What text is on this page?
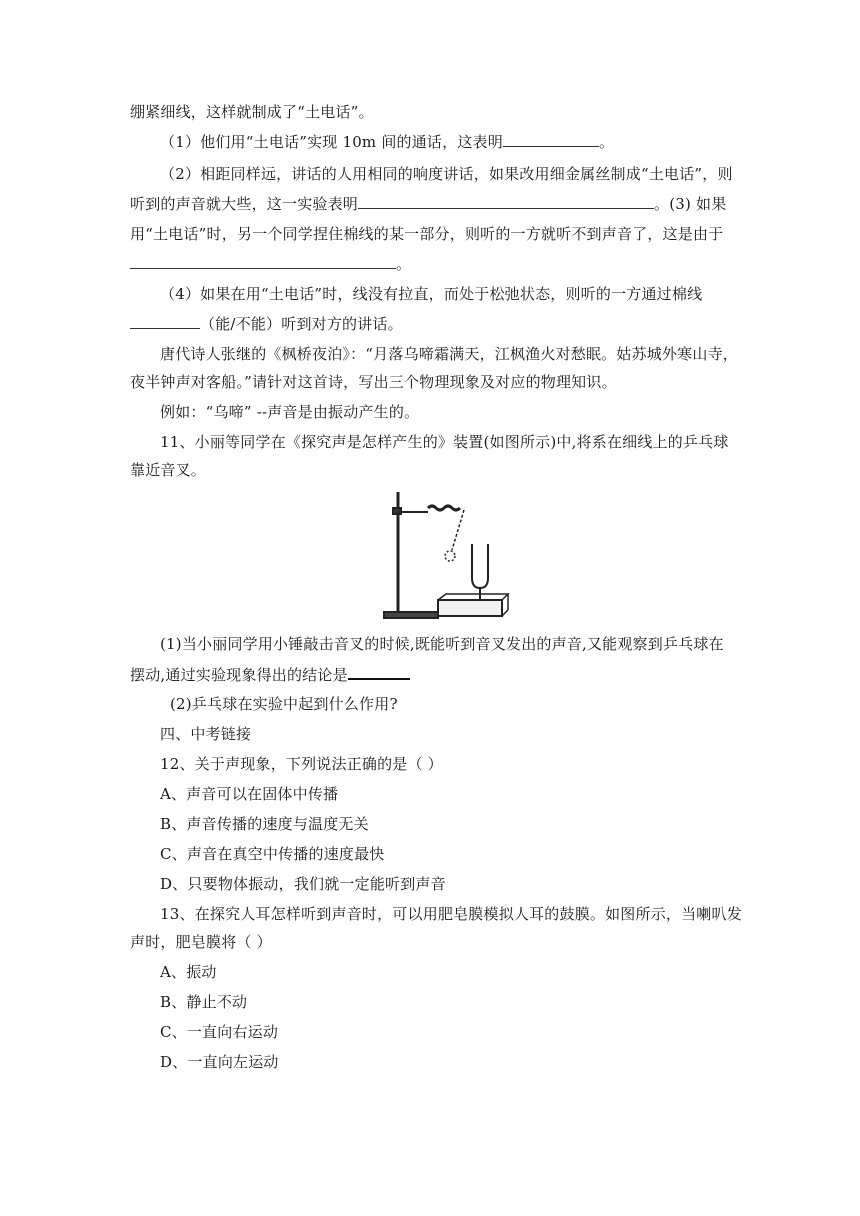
绷紧细线，这样就制成了“土电话”。
（1）他们用“土电话”实现 10m 间的通话，这表明	。
（2）相距同样远，讲话的人用相同的响度讲话，如果改用细金属丝制成“土电话”，则
听到的声音就大些，这一实验表明	。(3) 如果
用“土电话”时，另一个同学捏住棉线的某一部分，则听的一方就听不到声音了，这是由于
。
（4）如果在用“土电话”时，线没有拉直，而处于松弛状态，则听的一方通过棉线
（能/不能）听到对方的讲话。
唐代诗人张继的《枫桥夜泊》：“月落乌啼霜满天，江枫渔火对愁眠。姑苏城外寒山寺，
夜半钟声对客船。”请针对这首诗，写出三个物理现象及对应的物理知识。
例如：“乌啼” --声音是由振动产生的。
11、小丽等同学在《探究声是怎样产生的》装置(如图所示)中,将系在细线上的乒乓球
靠近音叉。
(1)当小丽同学用小锤敲击音叉的时候,既能听到音叉发出的声音,又能观察到乒乓球在
摆动,通过实验现象得出的结论是
(2)乒乓球在实验中起到什么作用?
四、中考链接
12、关于声现象，下列说法正确的是（ ）
A、声音可以在固体中传播
B、声音传播的速度与温度无关
C、声音在真空中传播的速度最快
D、只要物体振动，我们就一定能听到声音
13、在探究人耳怎样听到声音时，可以用肥皂膜模拟人耳的鼓膜。如图所示，当喇叭发
声时，肥皂膜将（ ）
A、振动
B、静止不动
C、一直向右运动
D、一直向左运动
